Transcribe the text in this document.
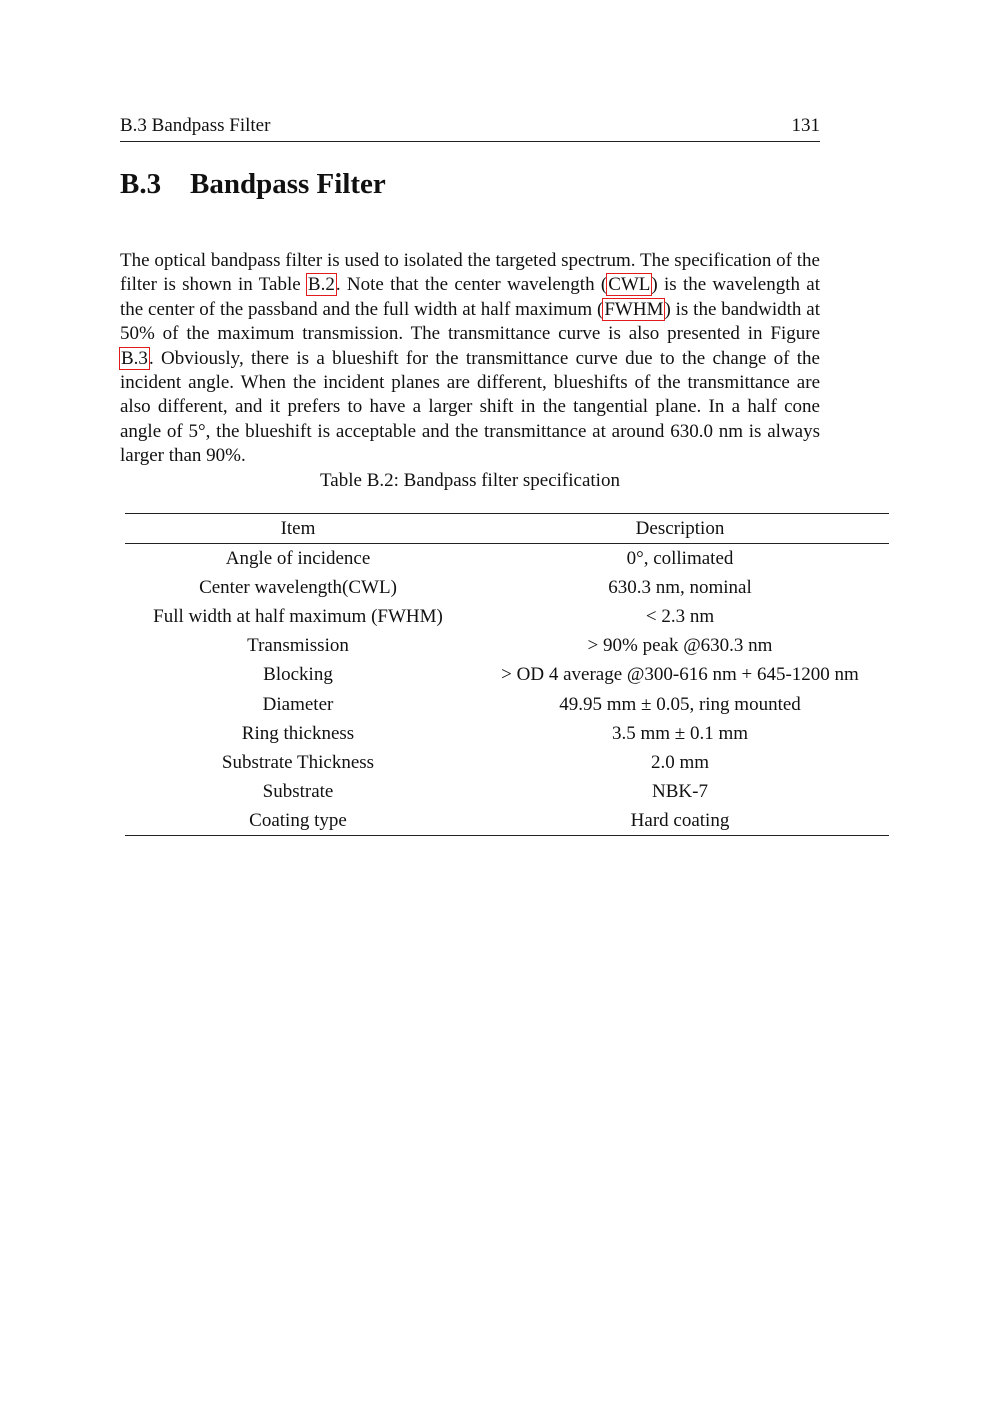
B.3 Bandpass Filter	131
B.3 Bandpass Filter

The optical bandpass filter is used to isolated the targeted spectrum. The specification of the filter is shown in Table B.2. Note that the center wavelength (CWL) is the wavelength at the center of the passband and the full width at half maximum (FWHM) is the bandwidth at 50% of the maximum transmission. The transmittance curve is also presented in Figure B.3. Obviously, there is a blueshift for the transmittance curve due to the change of the incident angle. When the incident planes are different, blueshifts of the transmittance are also different, and it prefers to have a larger shift in the tangential plane. In a half cone angle of 5°, the blueshift is acceptable and the transmittance at around 630.0 nm is always larger than 90%.

Table B.2: Bandpass filter specification
Item	Description
Angle of incidence	0°, collimated
Center wavelength(CWL)	630.3 nm, nominal
Full width at half maximum (FWHM)	< 2.3 nm
Transmission	> 90% peak @630.3 nm
Blocking	> OD 4 average @300-616 nm + 645-1200 nm
Diameter	49.95 mm ± 0.05, ring mounted
Ring thickness	3.5 mm ± 0.1 mm
Substrate Thickness	2.0 mm
Substrate	NBK-7
Coating type	Hard coating
